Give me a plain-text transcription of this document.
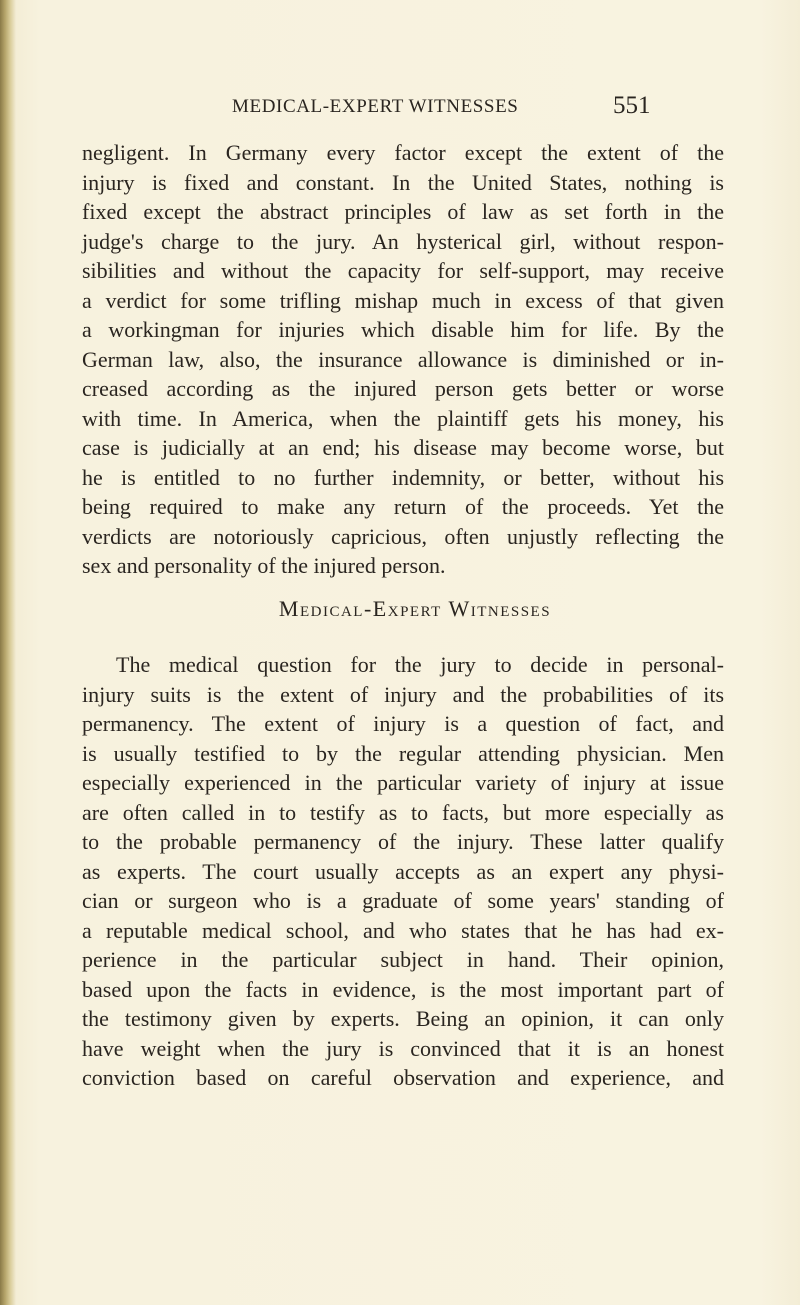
MEDICAL-EXPERT WITNESSES	551
negligent. In Germany every factor except the extent of the
injury is fixed and constant. In the United States, nothing is
fixed except the abstract principles of law as set forth in the
judge's charge to the jury. An hysterical girl, without respon-
sibilities and without the capacity for self-support, may receive
a verdict for some trifling mishap much in excess of that given
a workingman for injuries which disable him for life. By the
German law, also, the insurance allowance is diminished or in-
creased according as the injured person gets better or worse
with time. In America, when the plaintiff gets his money, his
case is judicially at an end; his disease may become worse, but
he is entitled to no further indemnity, or better, without his
being required to make any return of the proceeds. Yet the
verdicts are notoriously capricious, often unjustly reflecting the
sex and personality of the injured person.
Medical-Expert Witnesses
The medical question for the jury to decide in personal-
injury suits is the extent of injury and the probabilities of its
permanency. The extent of injury is a question of fact, and
is usually testified to by the regular attending physician. Men
especially experienced in the particular variety of injury at issue
are often called in to testify as to facts, but more especially as
to the probable permanency of the injury. These latter qualify
as experts. The court usually accepts as an expert any physi-
cian or surgeon who is a graduate of some years' standing of
a reputable medical school, and who states that he has had ex-
perience in the particular subject in hand. Their opinion,
based upon the facts in evidence, is the most important part of
the testimony given by experts. Being an opinion, it can only
have weight when the jury is convinced that it is an honest
conviction based on careful observation and experience, and
